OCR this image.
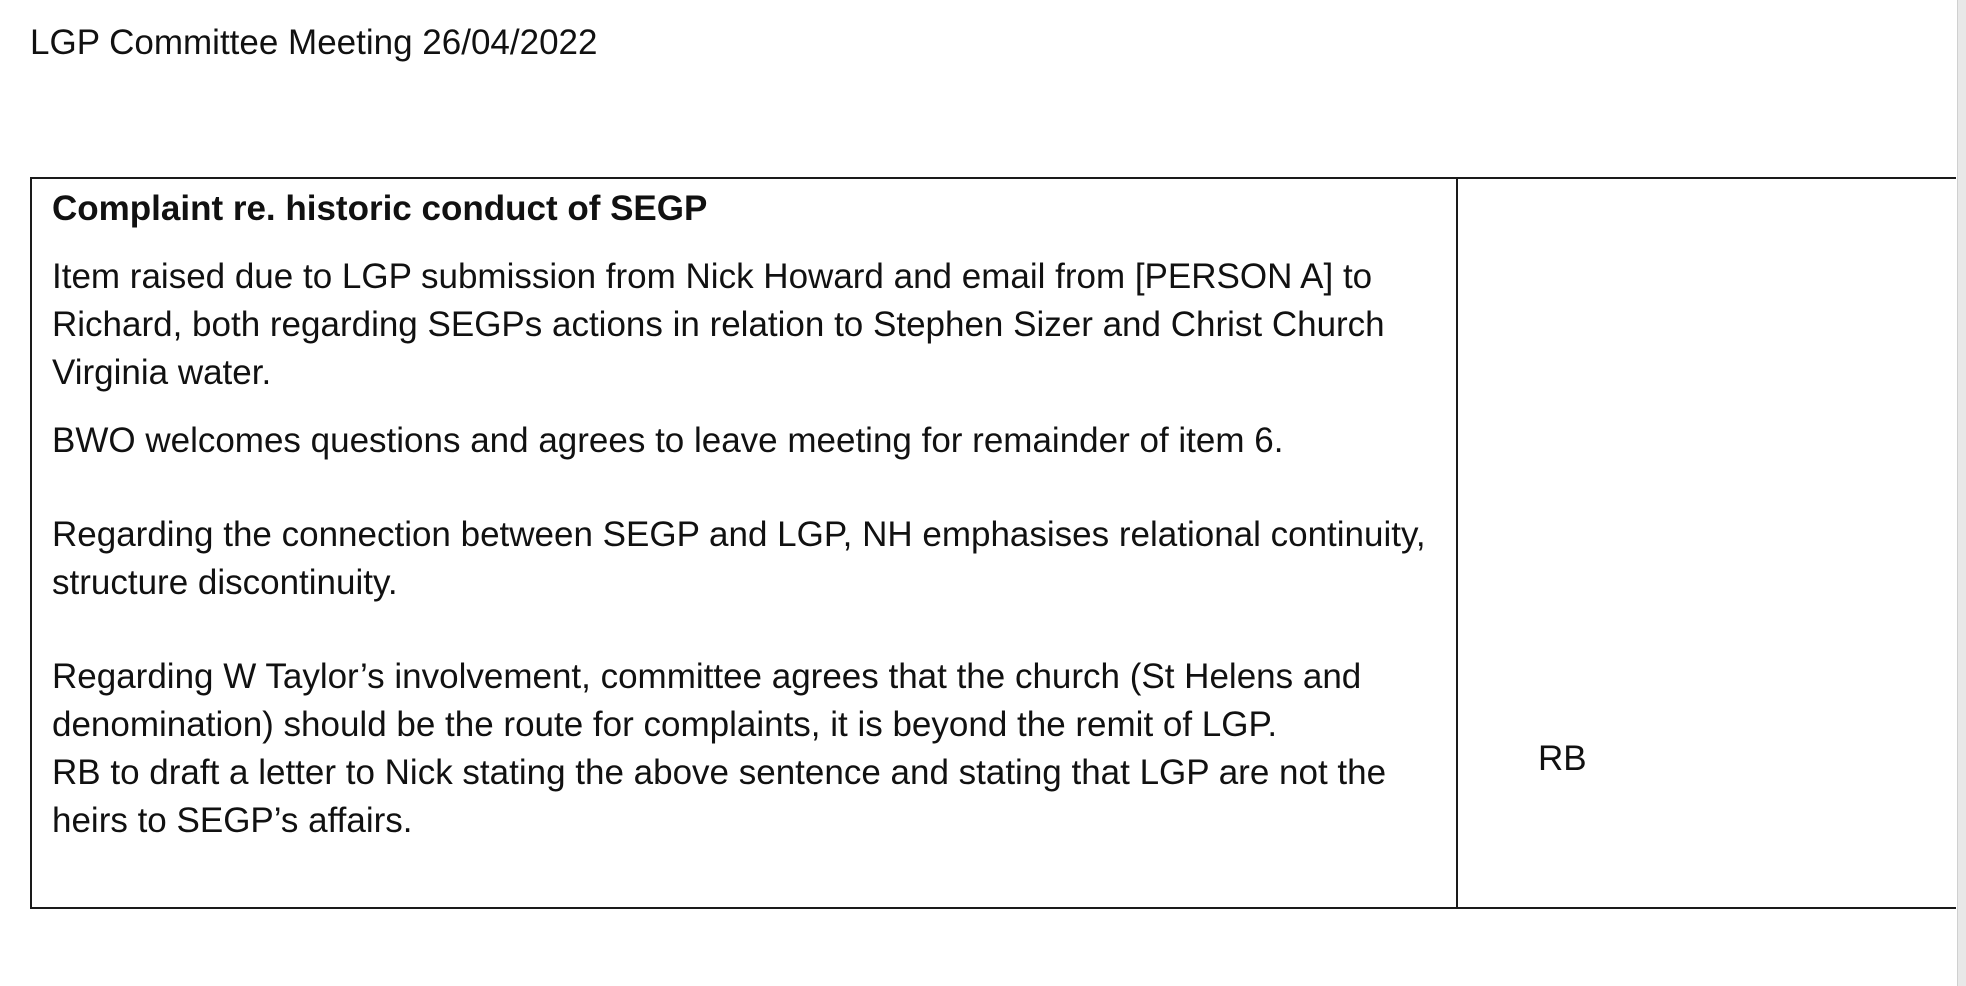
LGP Committee Meeting 26/04/2022
Complaint re. historic conduct of SEGP

Item raised due to LGP submission from Nick Howard and email from [PERSON A] to Richard, both regarding SEGPs actions in relation to Stephen Sizer and Christ Church Virginia water.

BWO welcomes questions and agrees to leave meeting for remainder of item 6.

Regarding the connection between SEGP and LGP, NH emphasises relational continuity, structure discontinuity.

Regarding W Taylor’s involvement, committee agrees that the church (St Helens and denomination) should be the route for complaints, it is beyond the remit of LGP.

RB to draft a letter to Nick stating the above sentence and stating that LGP are not the heirs to SEGP’s affairs.

RB
